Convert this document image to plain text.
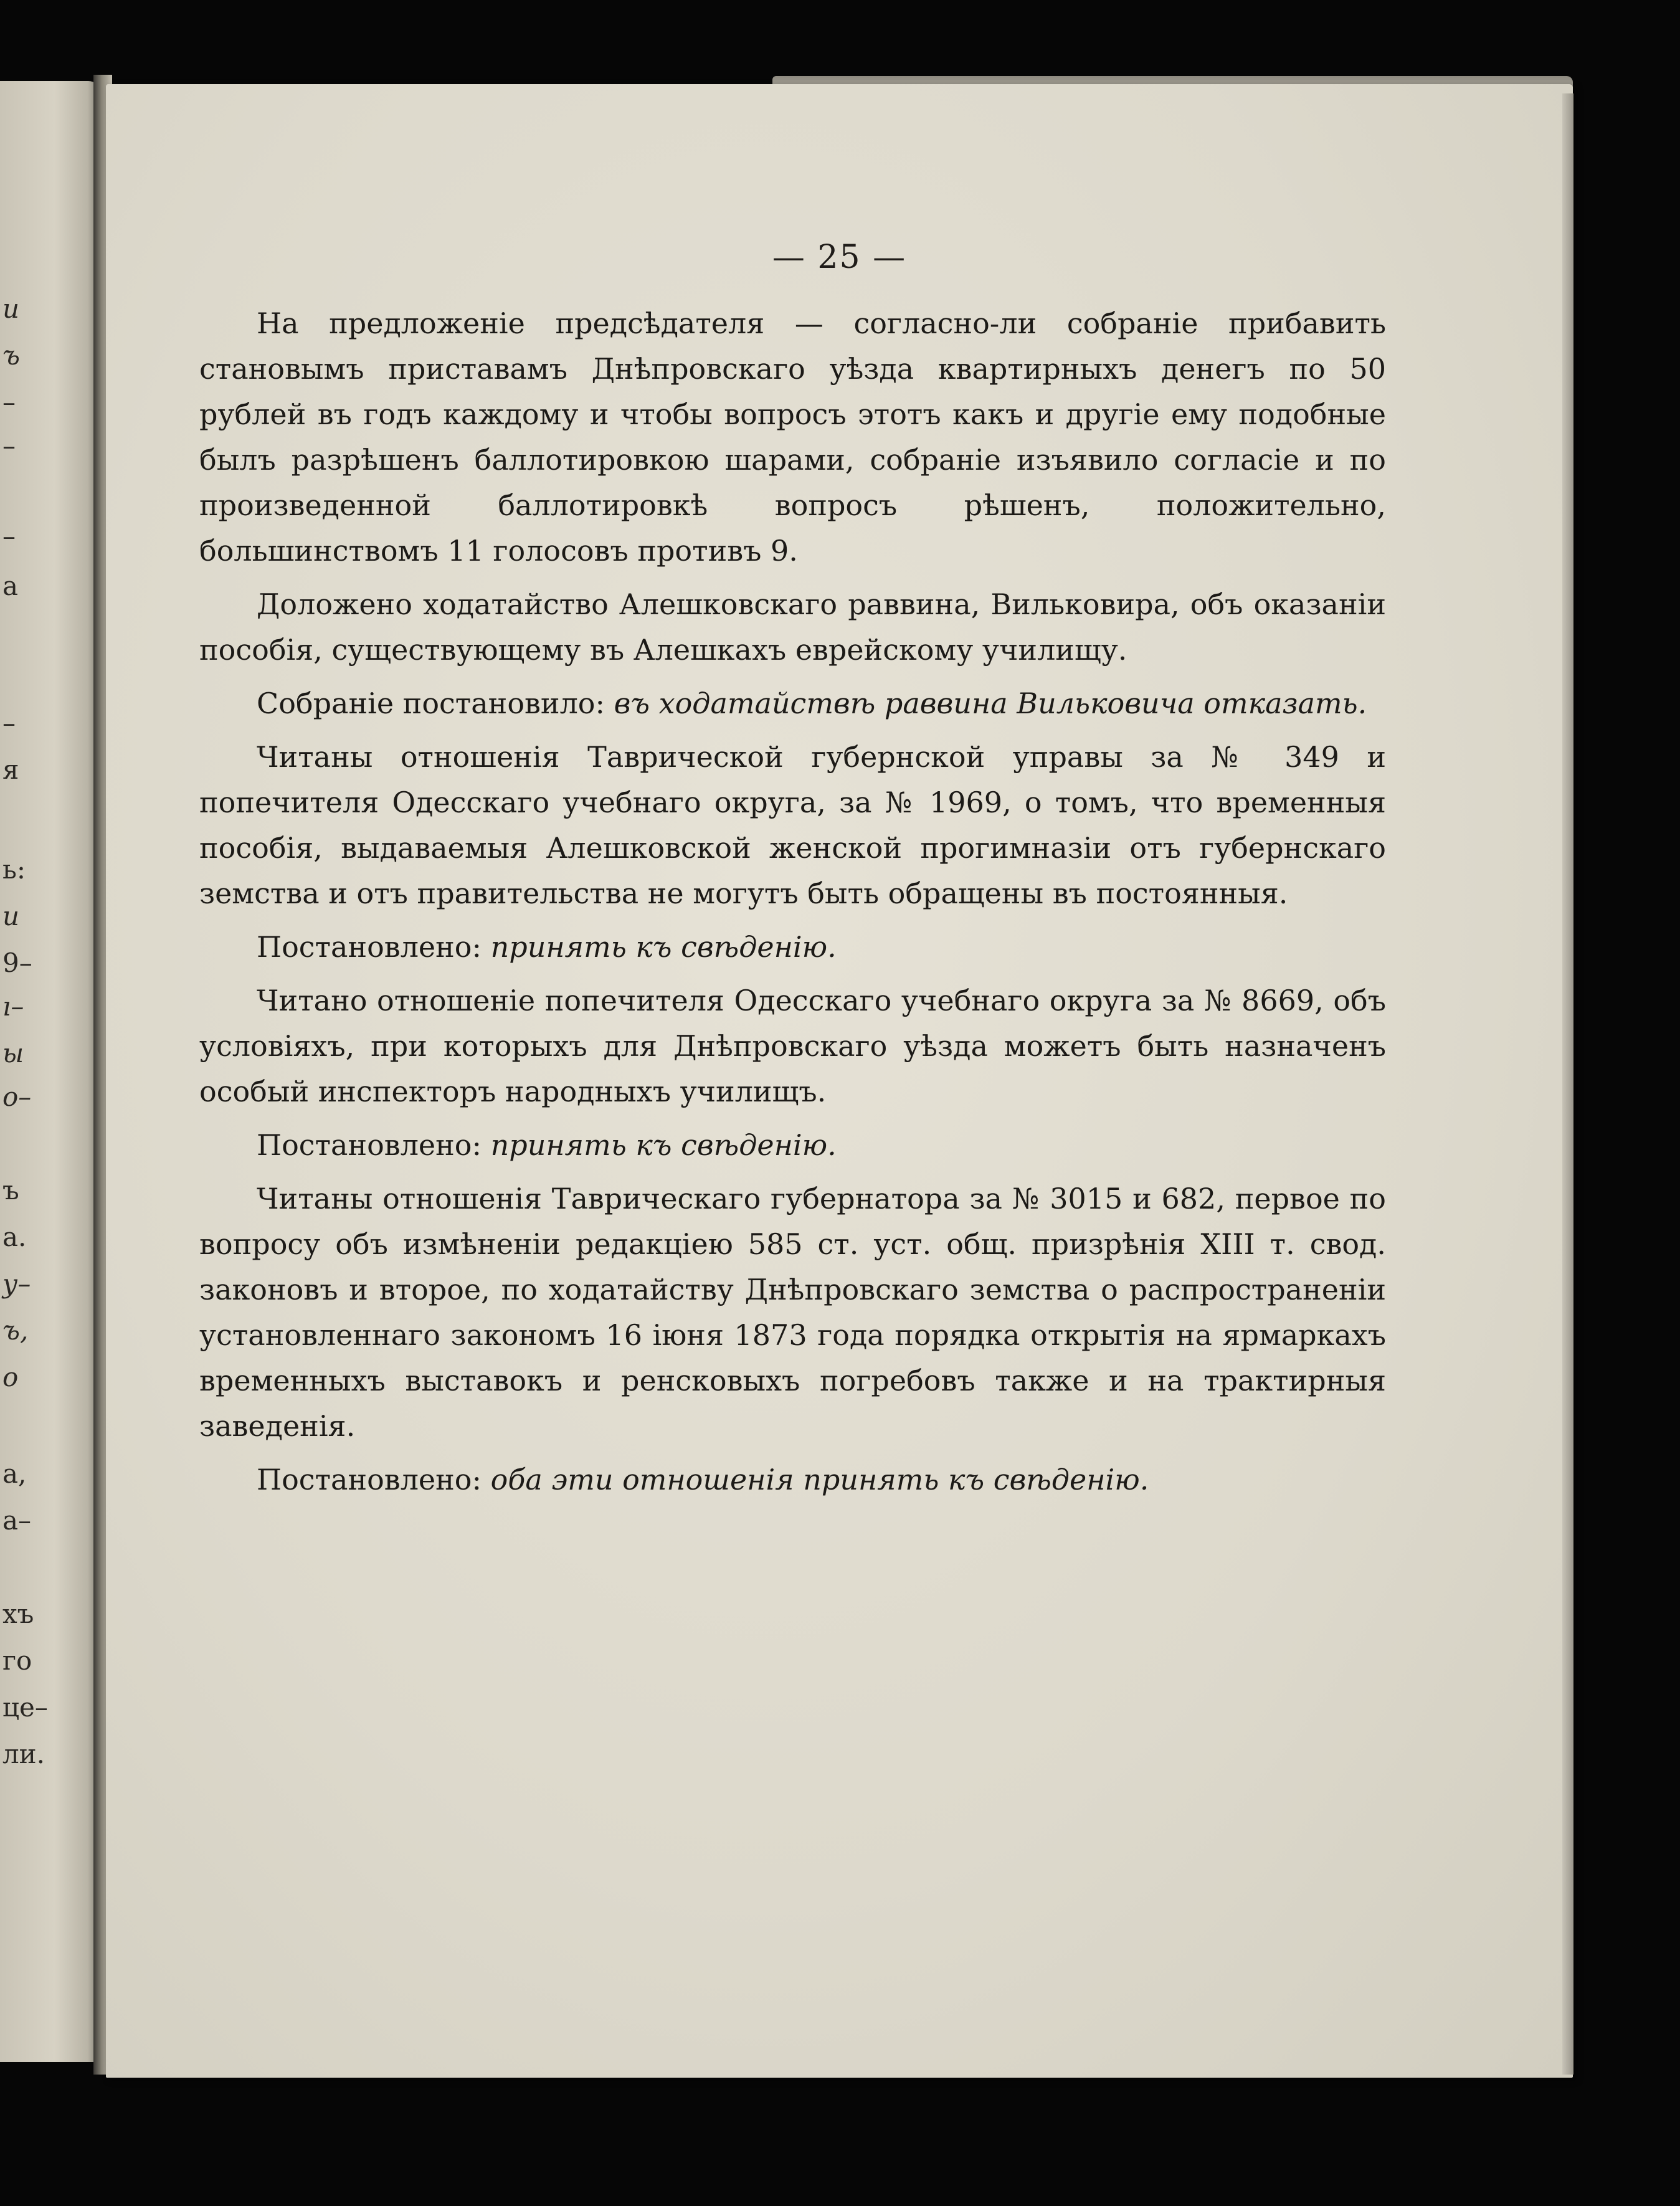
и
ъ
–
–
–
а
–
я
ь:
и
9–
ı–
ы
о–
ъ
а.
у–
ъ,
о
а,
а–
хъ
го
це–
ли.
— 25 —

На предложеніе предсѣдателя — согласно-ли собраніе прибавить становымъ приставамъ Днѣпровскаго уѣзда квартирныхъ денегъ по 50 рублей въ годъ каждому и чтобы вопросъ этотъ какъ и другіе ему подобные былъ разрѣшенъ баллотировкою шарами, собраніе изъявило согласіе и по произведенной баллотировкѣ вопросъ рѣшенъ, положительно, большинствомъ 11 голосовъ противъ 9.

Доложено ходатайство Алешковскаго раввина, Вильковира, объ оказаніи пособія, существующему въ Алешкахъ еврейскому училищу.

Собраніе постановило: въ ходатайствѣ раввина Вильковича отказать.

Читаны отношенія Таврической губернской управы за № 349 и попечителя Одесскаго учебнаго округа, за № 1969, о томъ, что временныя пособія, выдаваемыя Алешковской женской прогимназіи отъ губернскаго земства и отъ правительства не могутъ быть обращены въ постоянныя.

Постановлено: принять къ свѣденію.

Читано отношеніе попечителя Одесскаго учебнаго округа за № 8669, объ условіяхъ, при которыхъ для Днѣпровскаго уѣзда можетъ быть назначенъ особый инспекторъ народныхъ училищъ.

Постановлено: принять къ свѣденію.

Читаны отношенія Таврическаго губернатора за № 3015 и 682, первое по вопросу объ измѣненіи редакціею 585 ст. уст. общ. призрѣнія XIII т. свод. законовъ и второе, по ходатайству Днѣпровскаго земства о распространеніи установленнаго закономъ 16 іюня 1873 года порядка открытія на ярмаркахъ временныхъ выставокъ и ренсковыхъ погребовъ также и на трактирныя заведенія.

Постановлено: оба эти отношенія принять къ свѣденію.
